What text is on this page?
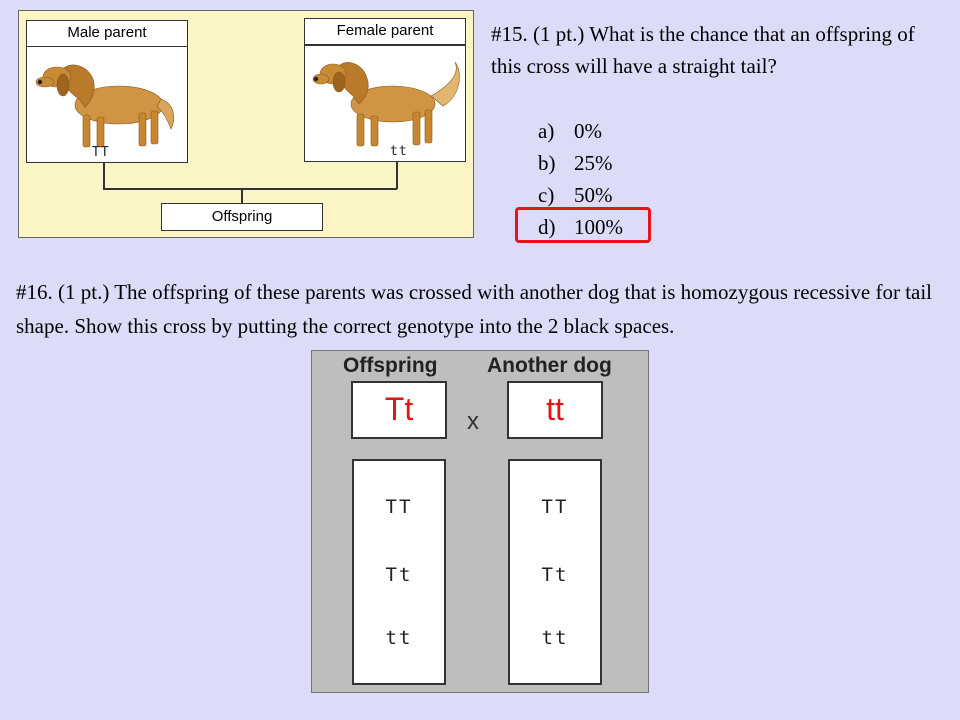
Male parent	Female parent
TT	tt
Offspring
#15. (1 pt.) What is the chance that an offspring of this cross will have a straight tail?
a) 0%
b) 25%
c) 50%
d) 100%
#16. (1 pt.) The offspring of these parents was crossed with another dog that is homozygous recessive for tail shape. Show this cross by putting the correct genotype into the 2 black spaces.
Offspring Another dog
Tt	x	tt
TT
Tt
tt
TT
Tt
tt
